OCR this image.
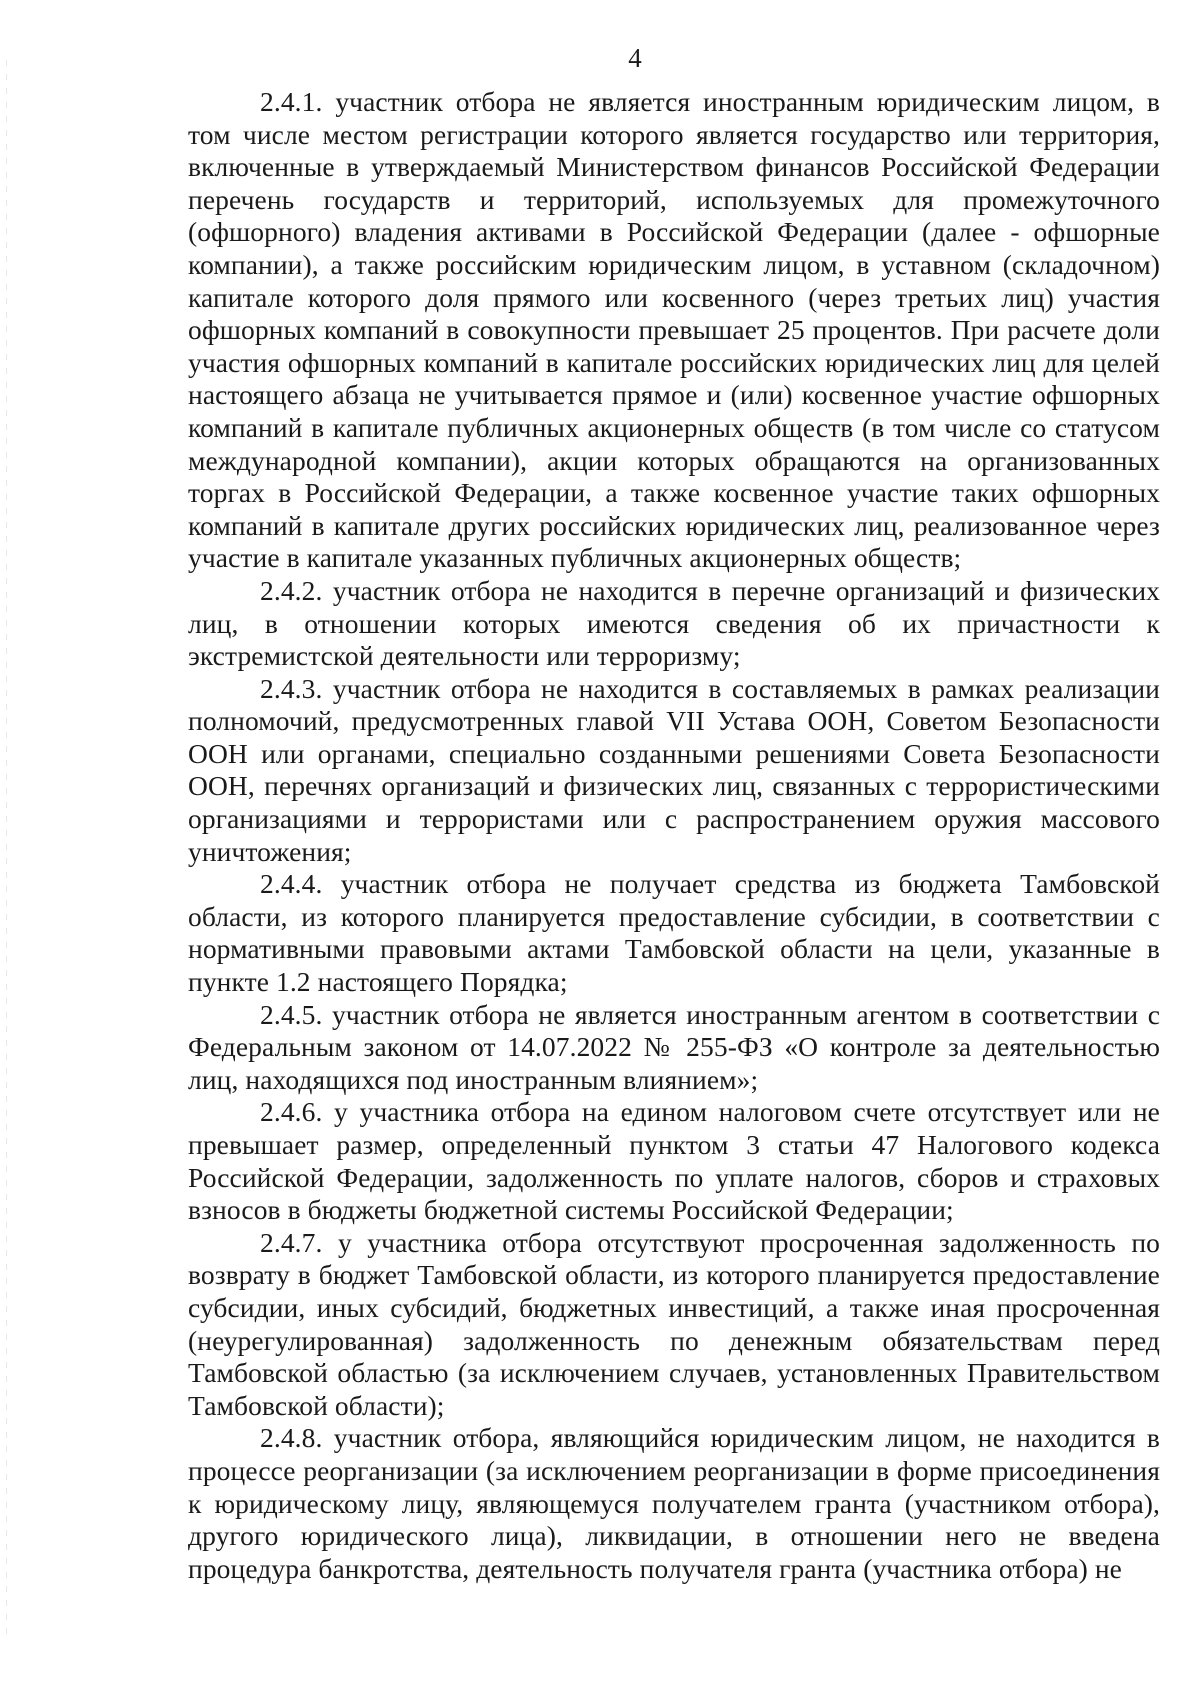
4

2.4.1. участник отбора не является иностранным юридическим лицом, в том числе местом регистрации которого является государство или территория, включенные в утверждаемый Министерством финансов Российской Федерации перечень государств и территорий, используемых для промежуточного (офшорного) владения активами в Российской Федерации (далее - офшорные компании), а также российским юридическим лицом, в уставном (складочном) капитале которого доля прямого или косвенного (через третьих лиц) участия офшорных компаний в совокупности превышает 25 процентов. При расчете доли участия офшорных компаний в капитале российских юридических лиц для целей настоящего абзаца не учитывается прямое и (или) косвенное участие офшорных компаний в капитале публичных акционерных обществ (в том числе со статусом международной компании), акции которых обращаются на организованных торгах в Российской Федерации, а также косвенное участие таких офшорных компаний в капитале других российских юридических лиц, реализованное через участие в капитале указанных публичных акционерных обществ;

2.4.2. участник отбора не находится в перечне организаций и физических лиц, в отношении которых имеются сведения об их причастности к экстремистской деятельности или терроризму;

2.4.3. участник отбора не находится в составляемых в рамках реализации полномочий, предусмотренных главой VII Устава ООН, Советом Безопасности ООН или органами, специально созданными решениями Совета Безопасности ООН, перечнях организаций и физических лиц, связанных с террористическими организациями и террористами или с распространением оружия массового уничтожения;

2.4.4. участник отбора не получает средства из бюджета Тамбовской области, из которого планируется предоставление субсидии, в соответствии с нормативными правовыми актами Тамбовской области на цели, указанные в пункте 1.2 настоящего Порядка;

2.4.5. участник отбора не является иностранным агентом в соответствии с Федеральным законом от 14.07.2022 № 255-ФЗ «О контроле за деятельностью лиц, находящихся под иностранным влиянием»;

2.4.6. у участника отбора на едином налоговом счете отсутствует или не превышает размер, определенный пунктом 3 статьи 47 Налогового кодекса Российской Федерации, задолженность по уплате налогов, сборов и страховых взносов в бюджеты бюджетной системы Российской Федерации;

2.4.7. у участника отбора отсутствуют просроченная задолженность по возврату в бюджет Тамбовской области, из которого планируется предоставление субсидии, иных субсидий, бюджетных инвестиций, а также иная просроченная (неурегулированная) задолженность по денежным обязательствам перед Тамбовской областью (за исключением случаев, установленных Правительством Тамбовской области);

2.4.8. участник отбора, являющийся юридическим лицом, не находится в процессе реорганизации (за исключением реорганизации в форме присоединения к юридическому лицу, являющемуся получателем гранта (участником отбора), другого юридического лица), ликвидации, в отношении него не введена процедура банкротства, деятельность получателя гранта (участника отбора) не
